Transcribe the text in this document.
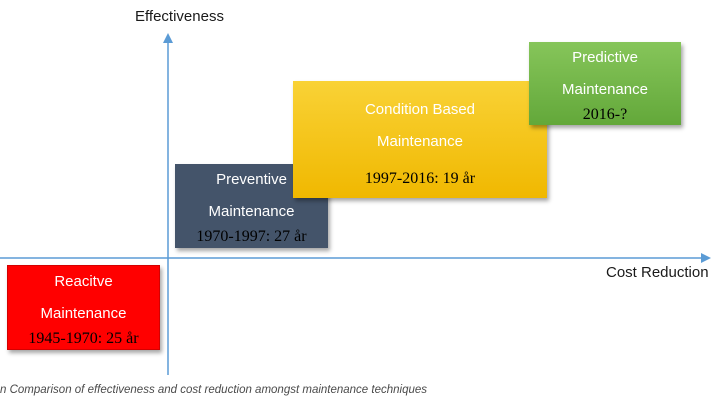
Effectiveness
Cost Reduction
Reacitve
Maintenance
1945-1970: 25 år
Preventive
Maintenance
1970-1997: 27 år
Condition Based
Maintenance
1997-2016: 19 år
Predictive
Maintenance
2016-?
n Comparison of effectiveness and cost reduction amongst maintenance techniques
